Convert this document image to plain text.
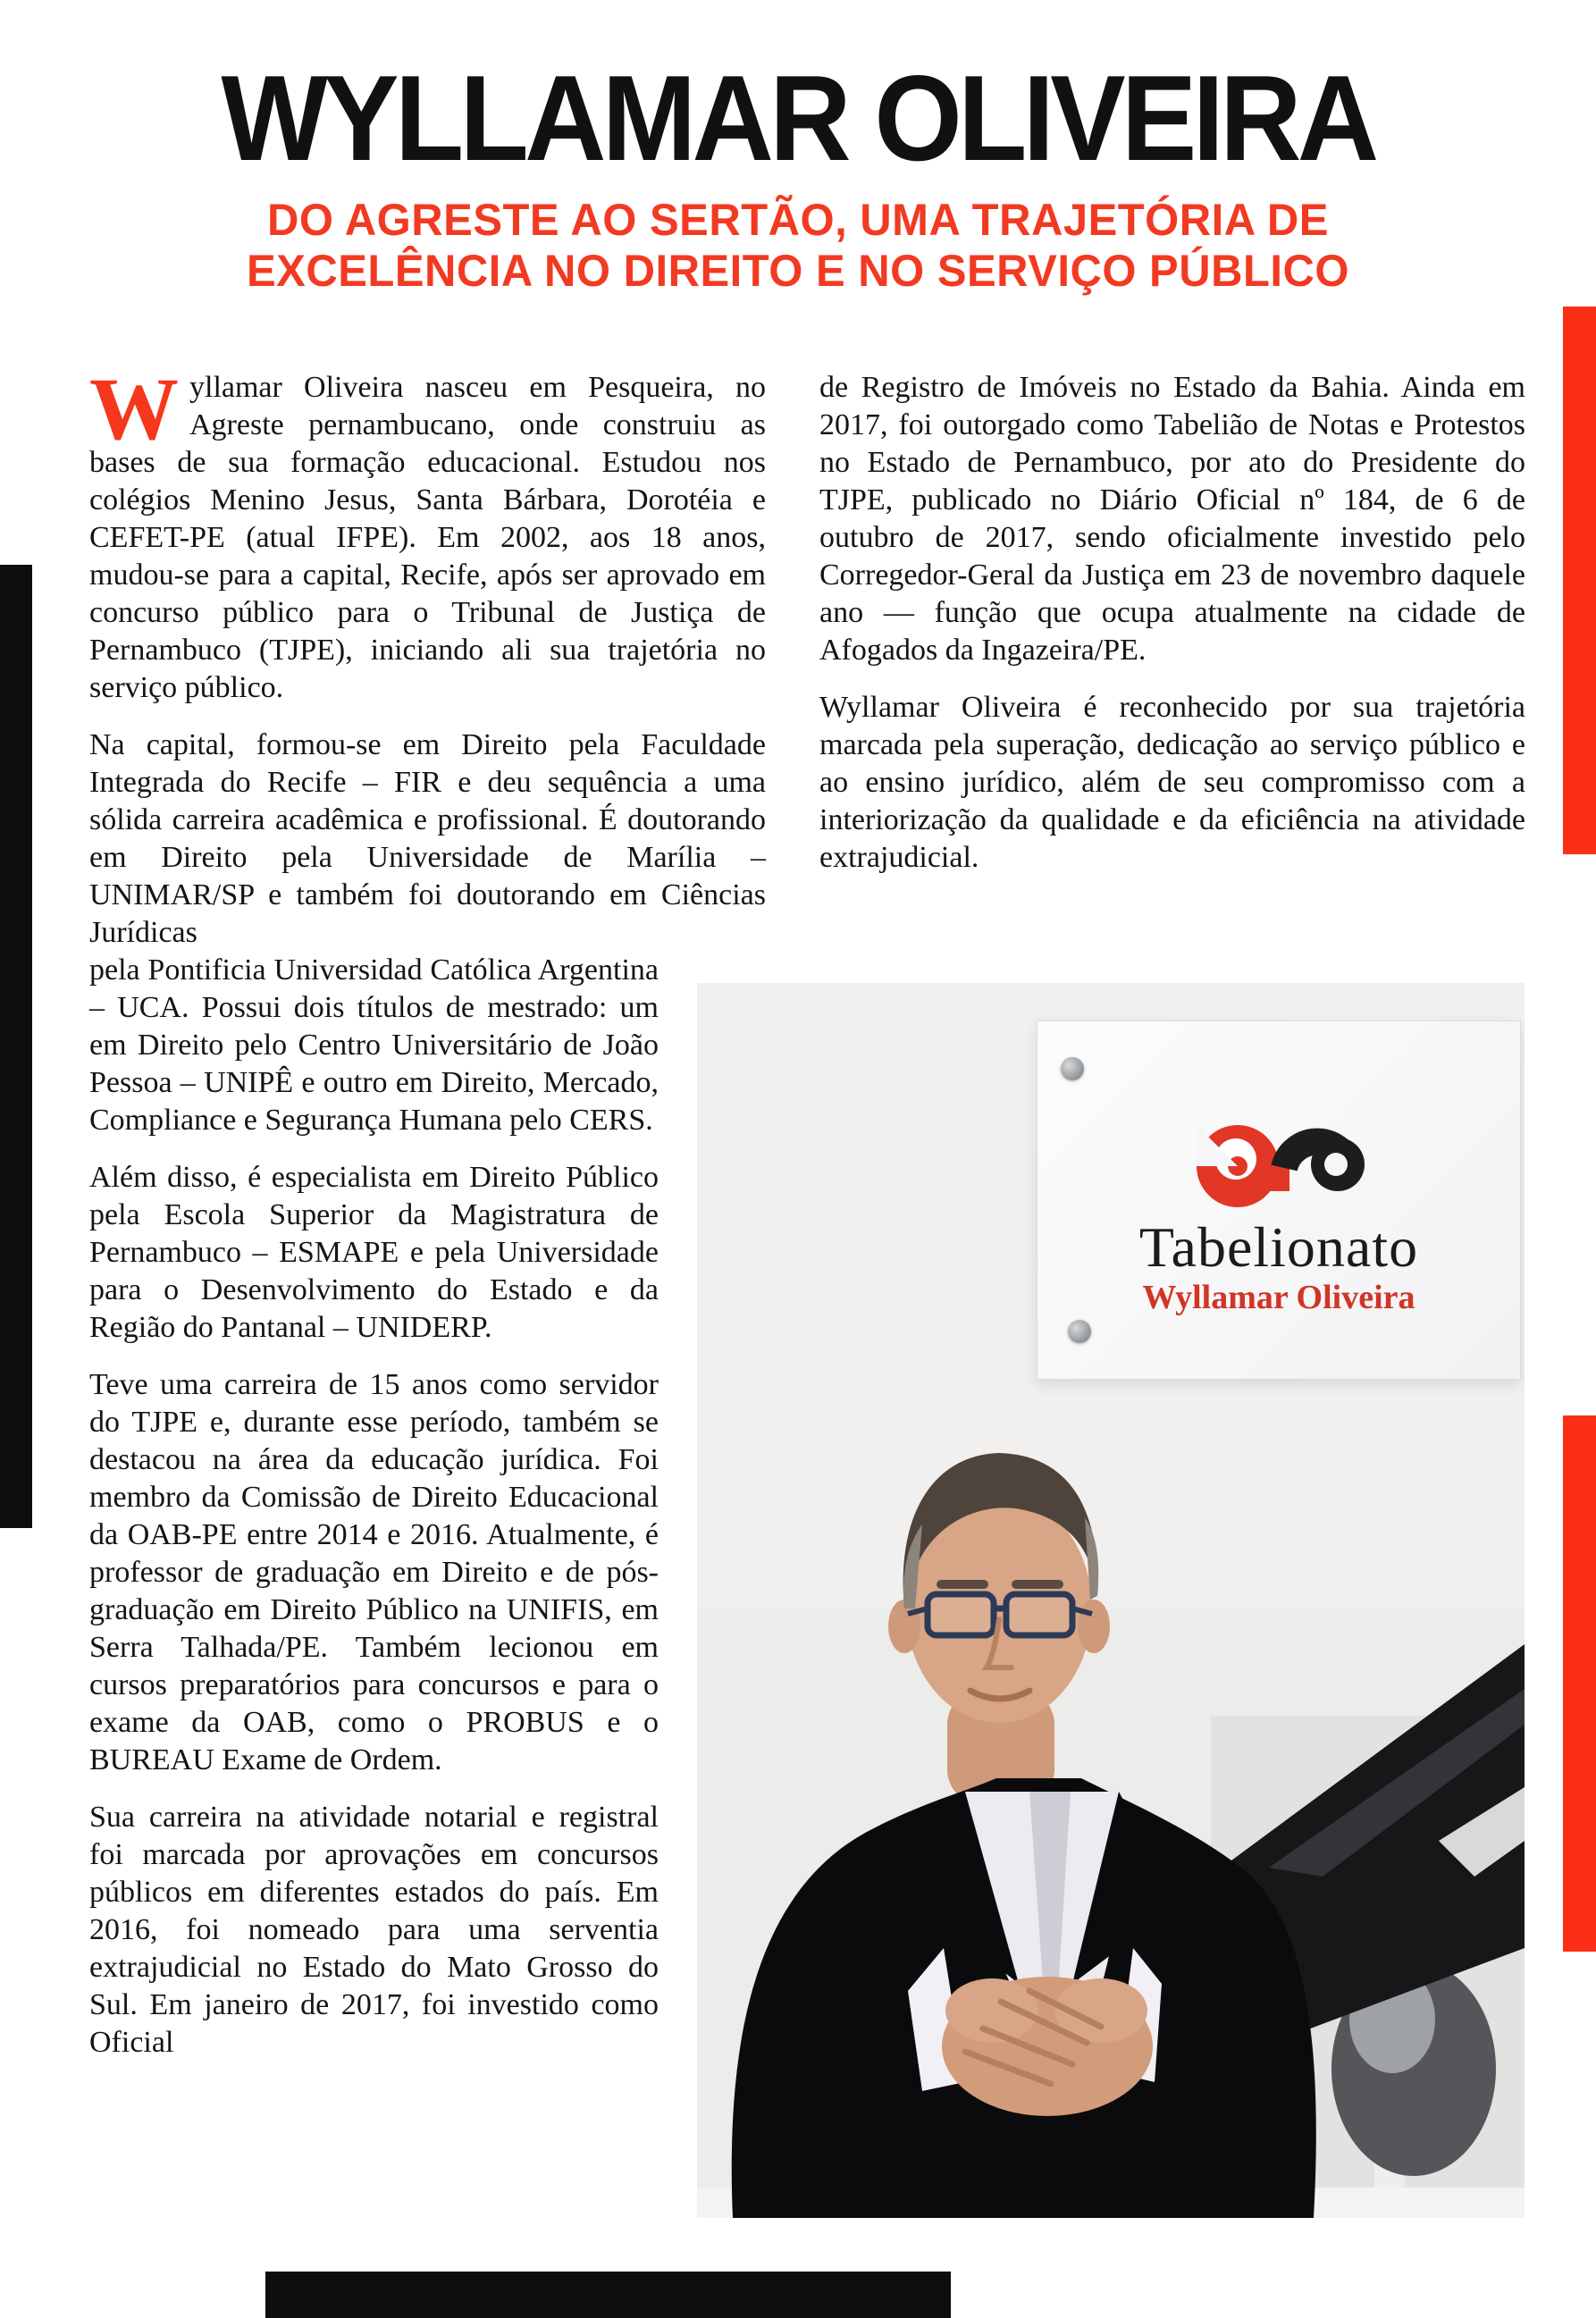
WYLLAMAR OLIVEIRA
DO AGRESTE AO SERTÃO, UMA TRAJETÓRIA DE
EXCELÊNCIA NO DIREITO E NO SERVIÇO PÚBLICO

Wyllamar Oliveira nasceu em Pesqueira, no Agreste pernambucano, onde construiu as bases de sua formação educacional. Estudou nos colégios Menino Jesus, Santa Bárbara, Dorotéia e CEFET-PE (atual IFPE). Em 2002, aos 18 anos, mudou-se para a capital, Recife, após ser aprovado em concurso público para o Tribunal de Justiça de Pernambuco (TJPE), iniciando ali sua trajetória no serviço público.

Na capital, formou-se em Direito pela Faculdade Integrada do Recife – FIR e deu sequência a uma sólida carreira acadêmica e profissional. É doutorando em Direito pela Universidade de Marília – UNIMAR/SP e também foi doutorando em Ciências Jurídicas

pela Pontificia Universidad Católica Argentina – UCA. Possui dois títulos de mestrado: um em Direito pelo Centro Universitário de João Pessoa – UNIPÊ e outro em Direito, Mercado, Compliance e Segurança Humana pelo CERS.

Além disso, é especialista em Direito Público pela Escola Superior da Magistratura de Pernambuco – ESMAPE e pela Universidade para o Desenvolvimento do Estado e da Região do Pantanal – UNIDERP.

Teve uma carreira de 15 anos como servidor do TJPE e, durante esse período, também se destacou na área da educação jurídica. Foi membro da Comissão de Direito Educacional da OAB-PE entre 2014 e 2016. Atualmente, é professor de graduação em Direito e de pós-graduação em Direito Público na UNIFIS, em Serra Talhada/PE. Também lecionou em cursos preparatórios para concursos e para o exame da OAB, como o PROBUS e o BUREAU Exame de Ordem.

Sua carreira na atividade notarial e registral foi marcada por aprovações em concursos públicos em diferentes estados do país. Em 2016, foi nomeado para uma serventia extrajudicial no Estado do Mato Grosso do Sul. Em janeiro de 2017, foi investido como Oficial

de Registro de Imóveis no Estado da Bahia. Ainda em 2017, foi outorgado como Tabelião de Notas e Protestos no Estado de Pernambuco, por ato do Presidente do TJPE, publicado no Diário Oficial nº 184, de 6 de outubro de 2017, sendo oficialmente investido pelo Corregedor-Geral da Justiça em 23 de novembro daquele ano — função que ocupa atualmente na cidade de Afogados da Ingazeira/PE.

Wyllamar Oliveira é reconhecido por sua trajetória marcada pela superação, dedicação ao serviço público e ao ensino jurídico, além de seu compromisso com a interiorização da qualidade e da eficiência na atividade extrajudicial.

Tabelionato

Wyllamar Oliveira
